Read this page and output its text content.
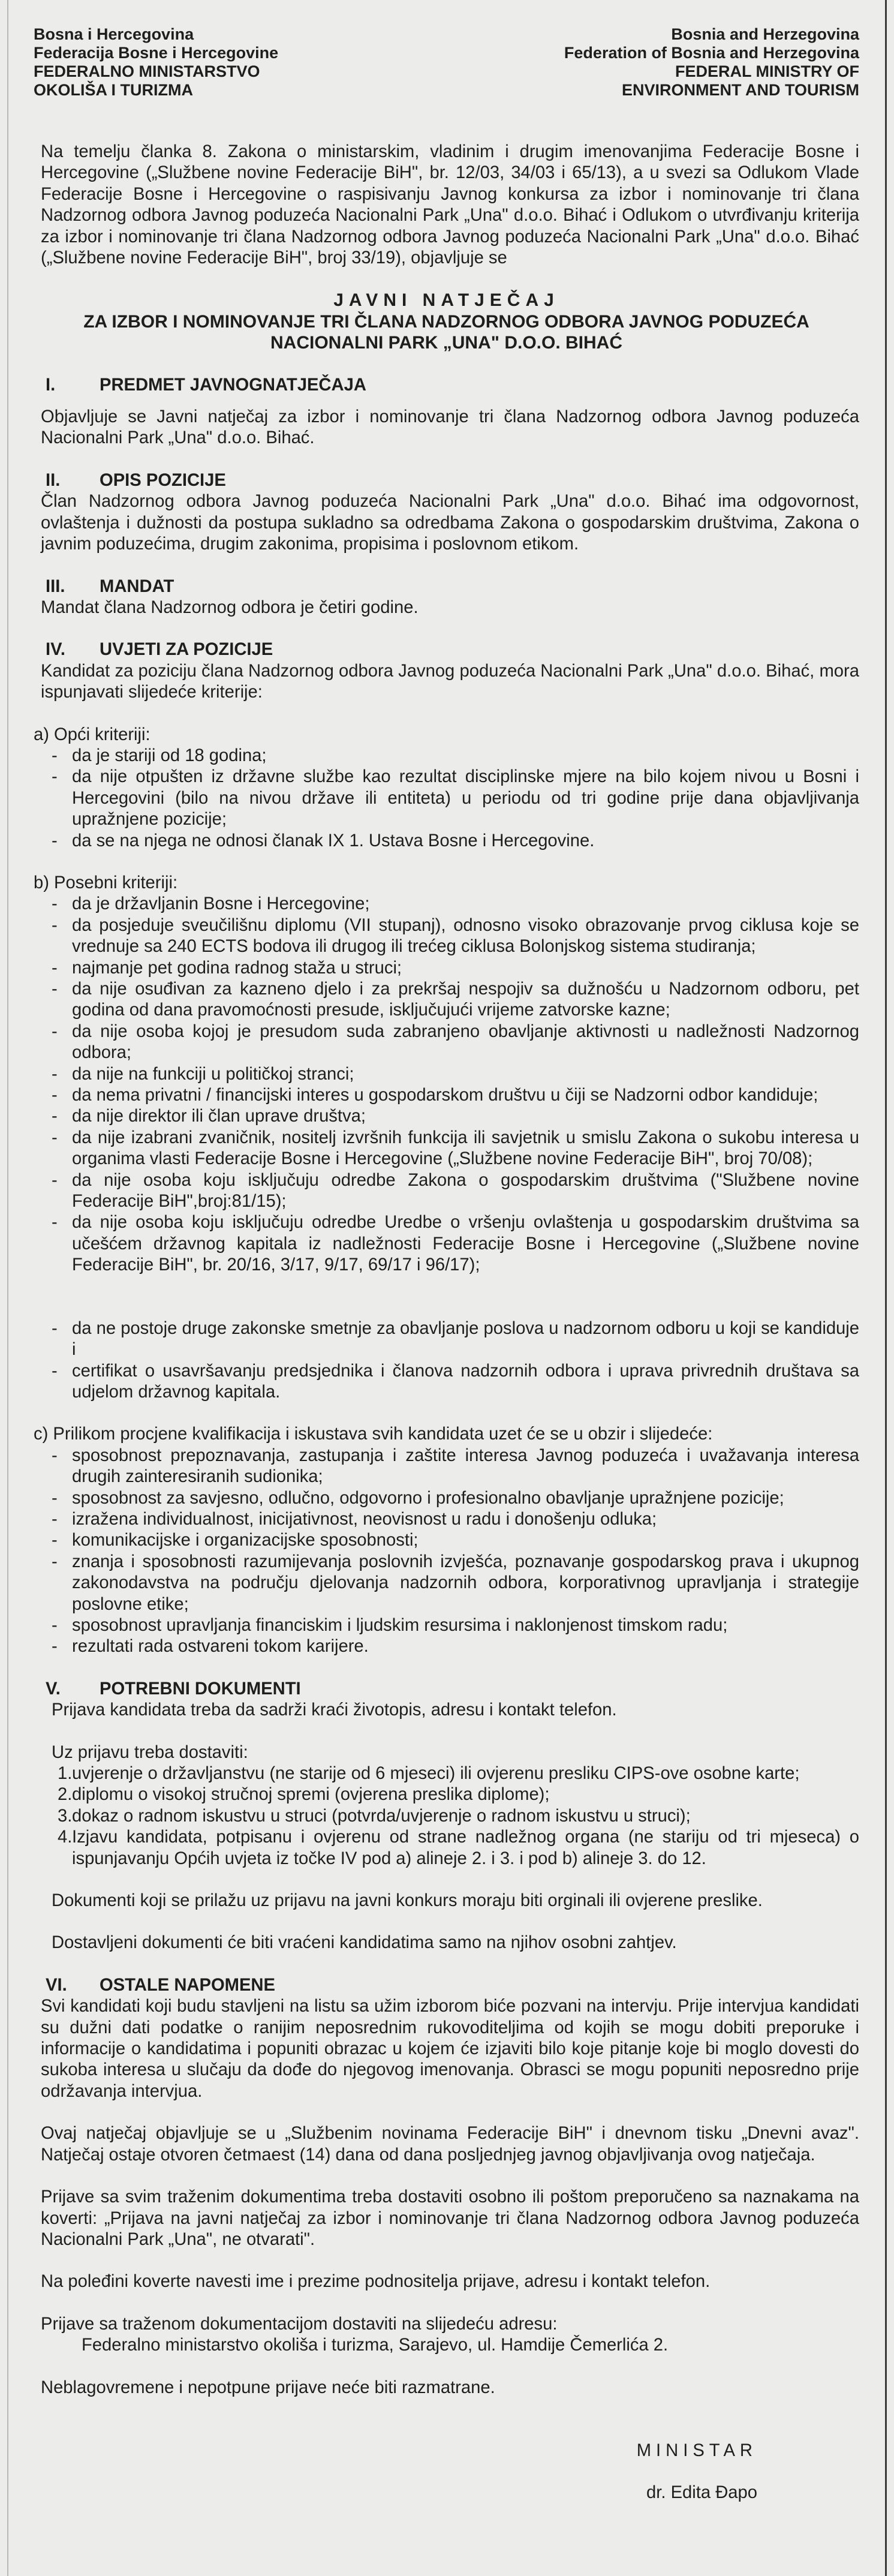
Bosna i Hercegovina
Federacija Bosne i Hercegovine
FEDERALNO MINISTARSTVO
OKOLIŠA I TURIZMA
Bosnia and Herzegovina
Federation of Bosnia and Herzegovina
FEDERAL MINISTRY OF
ENVIRONMENT AND TOURISM

Na temelju članka 8. Zakona o ministarskim, vladinim i drugim imenovanjima Federacije Bosne i Hercegovine („Službene novine Federacije BiH", br. 12/03, 34/03 i 65/13), a u svezi sa Odlukom Vlade Federacije Bosne i Hercegovine o raspisivanju Javnog konkursa za izbor i nominovanje tri člana Nadzornog odbora Javnog poduzeća Nacionalni Park „Una" d.o.o. Bihać i Odlukom o utvrđivanju kriterija za izbor i nominovanje tri člana Nadzornog odbora Javnog poduzeća Nacionalni Park „Una" d.o.o. Bihać („Službene novine Federacije BiH", broj 33/19), objavljuje se

JAVNI NATJEČAJ
ZA IZBOR I NOMINOVANJE TRI ČLANA NADZORNOG ODBORA JAVNOG PODUZEĆA
NACIONALNI PARK „UNA" D.O.O. BIHAĆ
I.	PREDMET JAVNOGNATJEČAJA

Objavljuje se Javni natječaj za izbor i nominovanje tri člana Nadzornog odbora Javnog poduzeća Nacionalni Park „Una" d.o.o. Bihać.

II. OPIS POZICIJE

Član Nadzornog odbora Javnog poduzeća Nacionalni Park „Una" d.o.o. Bihać ima odgovornost, ovlaštenja i dužnosti da postupa sukladno sa odredbama Zakona o gospodarskim društvima, Zakona o javnim poduzećima, drugim zakonima, propisima i poslovnom etikom.

III. MANDAT

Mandat člana Nadzornog odbora je četiri godine.

IV. UVJETI ZA POZICIJE

Kandidat za poziciju člana Nadzornog odbora Javnog poduzeća Nacionalni Park „Una" d.o.o. Bihać, mora ispunjavati slijedeće kriterije:

a) Opći kriteriji:

- da je stariji od 18 godina;
- da nije otpušten iz državne službe kao rezultat disciplinske mjere na bilo kojem nivou u Bosni i Hercegovini (bilo na nivou države ili entiteta) u periodu od tri godine prije dana objavljivanja upražnjene pozicije;
- da se na njega ne odnosi članak IX 1. Ustava Bosne i Hercegovine.

b) Posebni kriteriji:

- da je državljanin Bosne i Hercegovine;
- da posjeduje sveučilišnu diplomu (VII stupanj), odnosno visoko obrazovanje prvog ciklusa koje se vrednuje sa 240 ECTS bodova ili drugog ili trećeg ciklusa Bolonjskog sistema studiranja;
- najmanje pet godina radnog staža u struci;
- da nije osuđivan za kazneno djelo i za prekršaj nespojiv sa dužnošću u Nadzornom odboru, pet godina od dana pravomoćnosti presude, isključujući vrijeme zatvorske kazne;
- da nije osoba kojoj je presudom suda zabranjeno obavljanje aktivnosti u nadležnosti Nadzornog odbora;
- da nije na funkciji u političkoj stranci;
- da nema privatni / financijski interes u gospodarskom društvu u čiji se Nadzorni odbor kandiduje;
- da nije direktor ili član uprave društva;
- da nije izabrani zvaničnik, nositelj izvršnih funkcija ili savjetnik u smislu Zakona o sukobu interesa u organima vlasti Federacije Bosne i Hercegovine („Službene novine Federacije BiH", broj 70/08);
- da nije osoba koju isključuju odredbe Zakona o gospodarskim društvima ("Službene novine Federacije BiH",broj:81/15);
- da nije osoba koju isključuju odredbe Uredbe o vršenju ovlaštenja u gospodarskim društvima sa učešćem državnog kapitala iz nadležnosti Federacije Bosne i Hercegovine („Službene novine Federacije BiH", br. 20/16, 3/17, 9/17, 69/17 i 96/17);
- da ne postoje druge zakonske smetnje za obavljanje poslova u nadzornom odboru u koji se kandiduje i
- certifikat o usavršavanju predsjednika i članova nadzornih odbora i uprava privrednih društava sa udjelom državnog kapitala.

c) Prilikom procjene kvalifikacija i iskustava svih kandidata uzet će se u obzir i slijedeće:

- sposobnost prepoznavanja, zastupanja i zaštite interesa Javnog poduzeća i uvažavanja interesa drugih zainteresiranih sudionika;
- sposobnost za savjesno, odlučno, odgovorno i profesionalno obavljanje upražnjene pozicije;
- izražena individualnost, inicijativnost, neovisnost u radu i donošenju odluka;
- komunikacijske i organizacijske sposobnosti;
- znanja i sposobnosti razumijevanja poslovnih izvješća, poznavanje gospodarskog prava i ukupnog zakonodavstva na području djelovanja nadzornih odbora, korporativnog upravljanja i strategije poslovne etike;
- sposobnost upravljanja financiskim i ljudskim resursima i naklonjenost timskom radu;
- rezultati rada ostvareni tokom karijere.
V. POTREBNI DOKUMENTI

Prijava kandidata treba da sadrži kraći životopis, adresu i kontakt telefon.

Uz prijavu treba dostaviti:

1. uvjerenje o državljanstvu (ne starije od 6 mjeseci) ili ovjerenu presliku CIPS-ove osobne karte;
2. diplomu o visokoj stručnoj spremi (ovjerena preslika diplome);
3. dokaz o radnom iskustvu u struci (potvrda/uvjerenje o radnom iskustvu u struci);
4. Izjavu kandidata, potpisanu i ovjerenu od strane nadležnog organa (ne stariju od tri mjeseca) o ispunjavanju Općih uvjeta iz točke IV pod a) alineje 2. i 3. i pod b) alineje 3. do 12.

Dokumenti koji se prilažu uz prijavu na javni konkurs moraju biti orginali ili ovjerene preslike.

Dostavljeni dokumenti će biti vraćeni kandidatima samo na njihov osobni zahtjev.

VI. OSTALE NAPOMENE

Svi kandidati koji budu stavljeni na listu sa užim izborom biće pozvani na intervju. Prije intervjua kandidati su dužni dati podatke o ranijim neposrednim rukovoditeljima od kojih se mogu dobiti preporuke i informacije o kandidatima i popuniti obrazac u kojem će izjaviti bilo koje pitanje koje bi moglo dovesti do sukoba interesa u slučaju da dođe do njegovog imenovanja. Obrasci se mogu popuniti neposredno prije održavanja intervjua.

Ovaj natječaj objavljuje se u „Službenim novinama Federacije BiH" i dnevnom tisku „Dnevni avaz". Natječaj ostaje otvoren četmaest (14) dana od dana posljednjeg javnog objavljivanja ovog natječaja.

Prijave sa svim traženim dokumentima treba dostaviti osobno ili poštom preporučeno sa naznakama na koverti: „Prijava na javni natječaj za izbor i nominovanje tri člana Nadzornog odbora Javnog poduzeća Nacionalni Park „Una", ne otvarati".

Na poleđini koverte navesti ime i prezime podnositelja prijave, adresu i kontakt telefon.

Prijave sa traženom dokumentacijom dostaviti na slijedeću adresu:

Federalno ministarstvo okoliša i turizma, Sarajevo, ul. Hamdije Čemerlića 2.

Neblagovremene i nepotpune prijave neće biti razmatrane.

MINISTAR
dr. Edita Đapo
